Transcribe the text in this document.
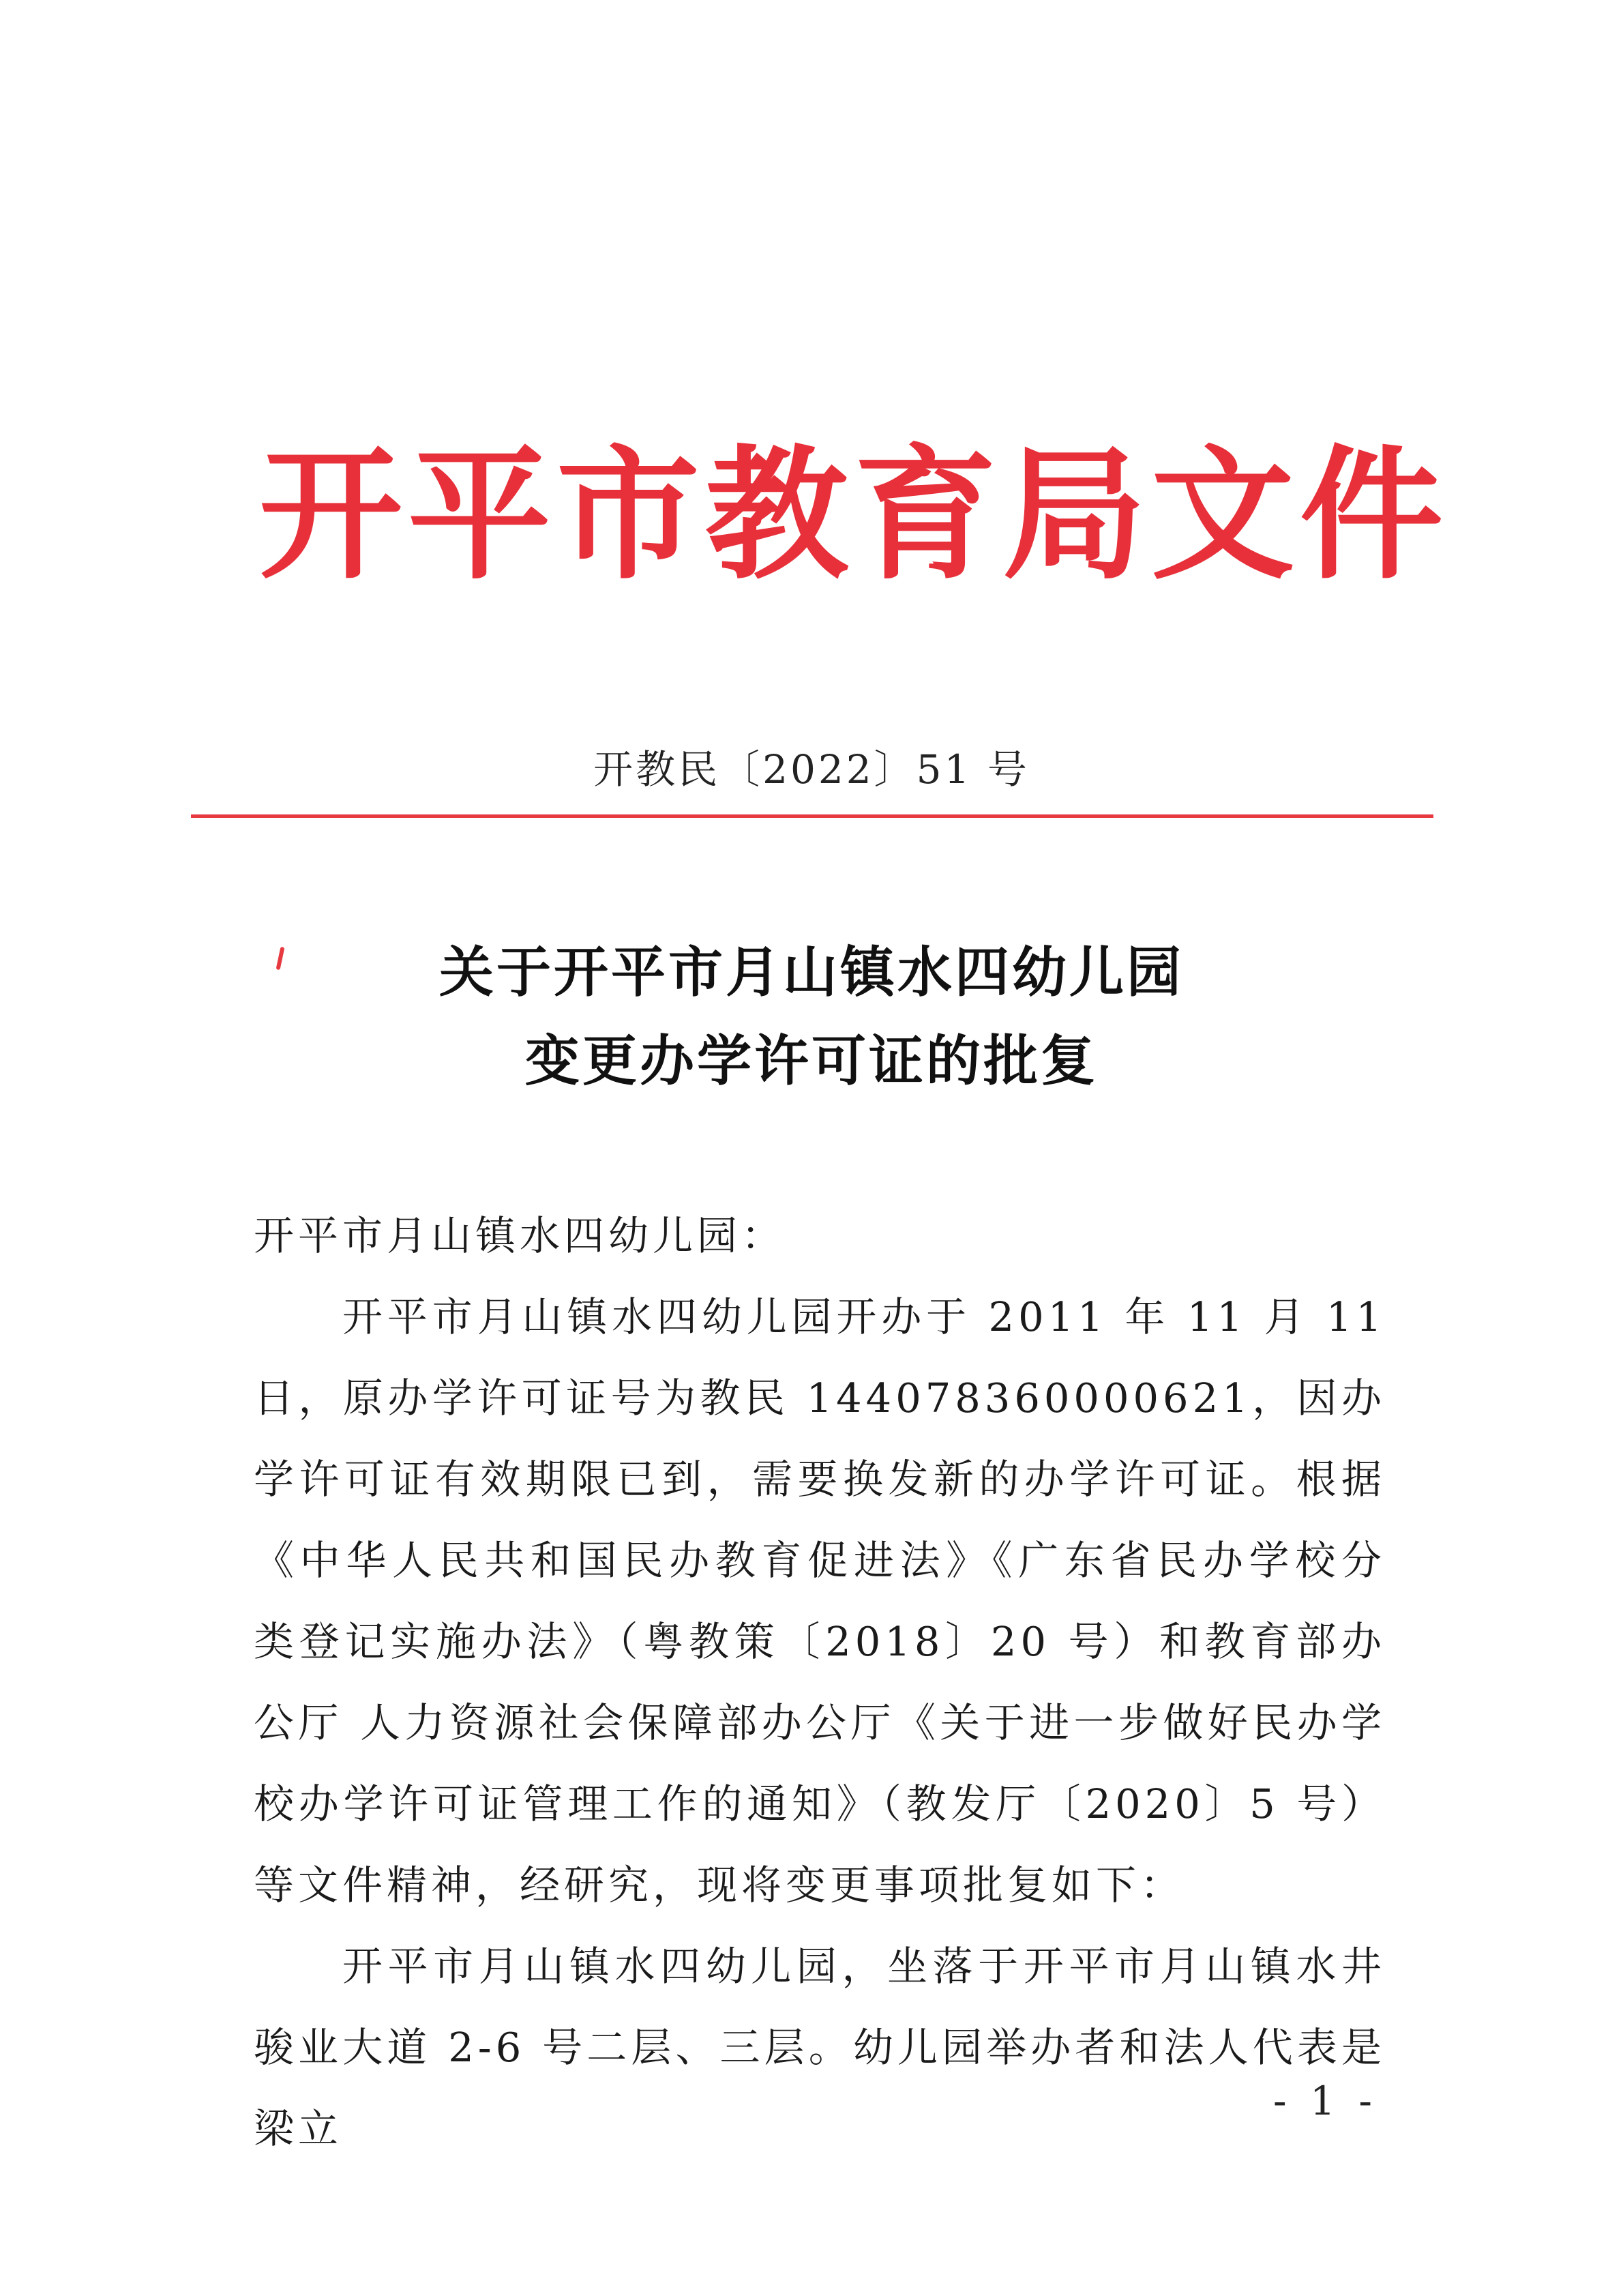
开平市教育局文件
开教民〔2022〕51 号
关于开平市月山镇水四幼儿园
变更办学许可证的批复

开平市月山镇水四幼儿园：

开平市月山镇水四幼儿园开办于 2011 年 11 月 11 日，原办学许可证号为教民 144078360000621，因办学许可证有效期限已到，需要换发新的办学许可证。根据《中华人民共和国民办教育促进法》《广东省民办学校分类登记实施办法》（粤教策〔2018〕20 号）和教育部办公厅 人力资源社会保障部办公厅《关于进一步做好民办学校办学许可证管理工作的通知》（教发厅〔2020〕5 号）等文件精神，经研究，现将变更事项批复如下：

开平市月山镇水四幼儿园，坐落于开平市月山镇水井骏业大道 2-6 号二层、三层。幼儿园举办者和法人代表是梁立

- 1 -
